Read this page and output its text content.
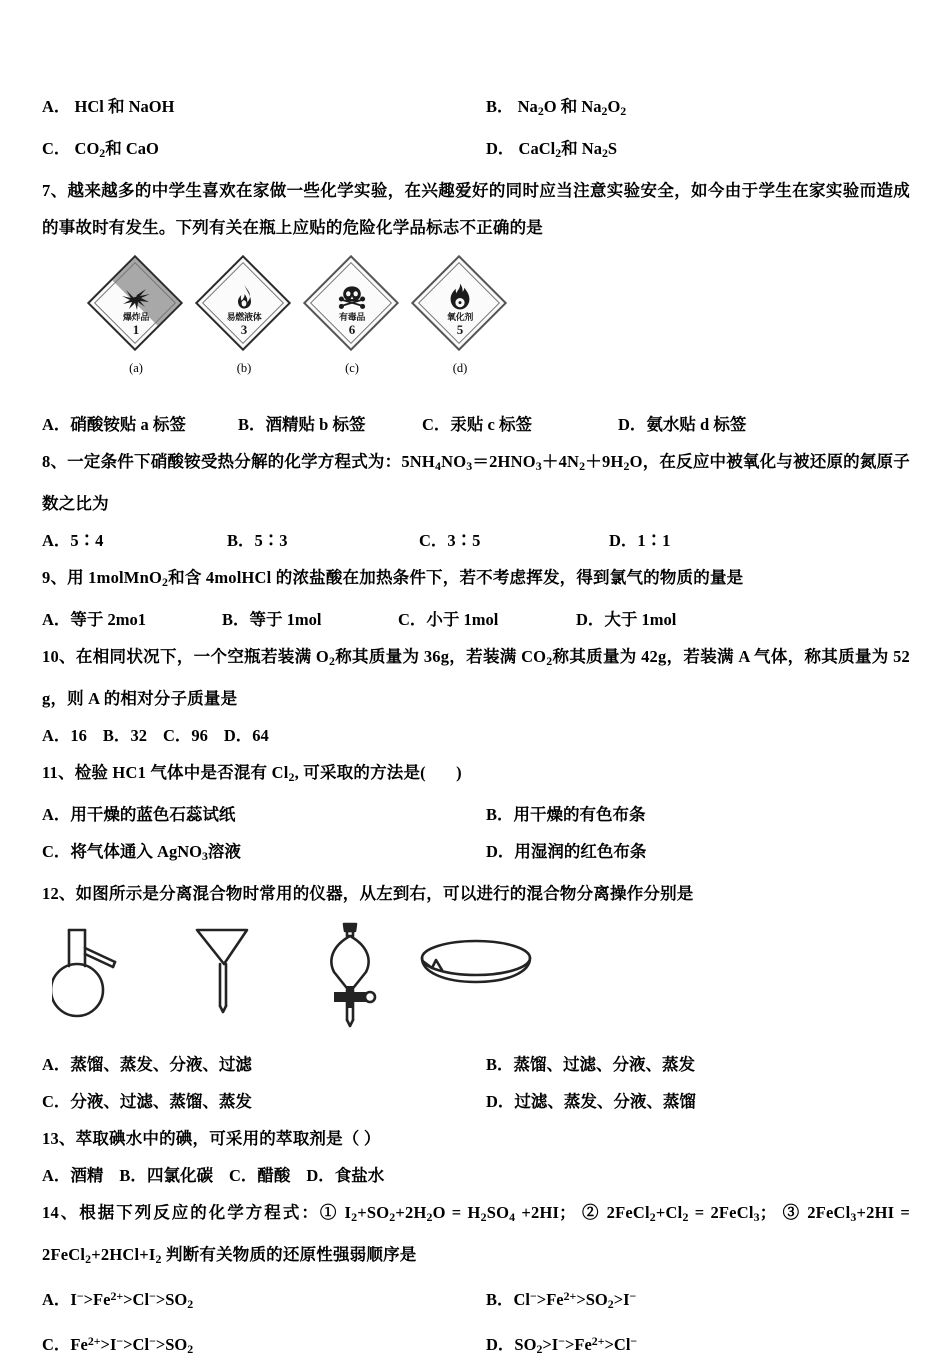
A． HCl 和 NaOH	B． $Na_2O$ 和 $Na_2O_2$
C． $CO_2$和 CaO	D． CaCl$_2$和 $Na_2S$
7、越来越多的中学生喜欢在家做一些化学实验，在兴趣爱好的同时应当注意实验安全，如今由于学生在家实验而造成的事故时有发生。下列有关在瓶上应贴的危险化学品标志不正确的是
爆炸品
1
(a)
易燃液体
3
(b)
有毒品
6
(c)
氧化剂
5
(d)
A．硝酸铵贴 a 标签	B．酒精贴 b 标签	C．汞贴 c 标签	D．氨水贴 d 标签
8、一定条件下硝酸铵受热分解的化学方程式为：$5NH_4NO_3=2HNO_3+4N_2+9H_2O$，在反应中被氧化与被还原的氮原子数之比为
A．5∶4	B．5∶3	C．3∶5	D．1∶1
9、用 1molMnO$_2$和含 4molHCl 的浓盐酸在加热条件下，若不考虑挥发，得到氯气的物质的量是
A．等于 2mo1	B．等于 1mol	C．小于 1mol	D．大于 1mol
10、在相同状况下，一个空瓶若装满 $O_2$称其质量为 36g，若装满 $CO_2$称其质量为 42g，若装满 A 气体，称其质量为 52 g，则 A 的相对分子质量是
A．16 B．32 C．96 D．64
11、检验 HC1 气体中是否混有 $Cl_2$, 可采取的方法是(       )
A．用干燥的蓝色石蕊试纸	B．用干燥的有色布条
C．将气体通入 AgNO$_3$溶液	D．用湿润的红色布条
12、如图所示是分离混合物时常用的仪器，从左到右，可以进行的混合物分离操作分别是
A．蒸馏、蒸发、分液、过滤	B．蒸馏、过滤、分液、蒸发
C．分液、过滤、蒸馏、蒸发	D．过滤、蒸发、分液、蒸馏
13、萃取碘水中的碘，可采用的萃取剂是（ ）
A．酒精 B．四氯化碳 C．醋酸 D．食盐水
14、根据下列反应的化学方程式：① $I_2+SO_2+2H_2O = H_2SO_4 +2HI$； ② $2FeCl_2+Cl_2$ = 2FeCl$_3$； ③ 2FeCl$_3$+2HI = $2FeCl_2+2HCl+I_2$ 判断有关物质的还原性强弱顺序是
A．$I^->Fe^{2+}>Cl^->SO_2$	B．$Cl^->Fe^{2+}>SO_2>I^-$
C．$Fe^{2+}>I^->Cl^->SO_2$	D．$SO_2>I^->Fe^{2+}>Cl^-$
